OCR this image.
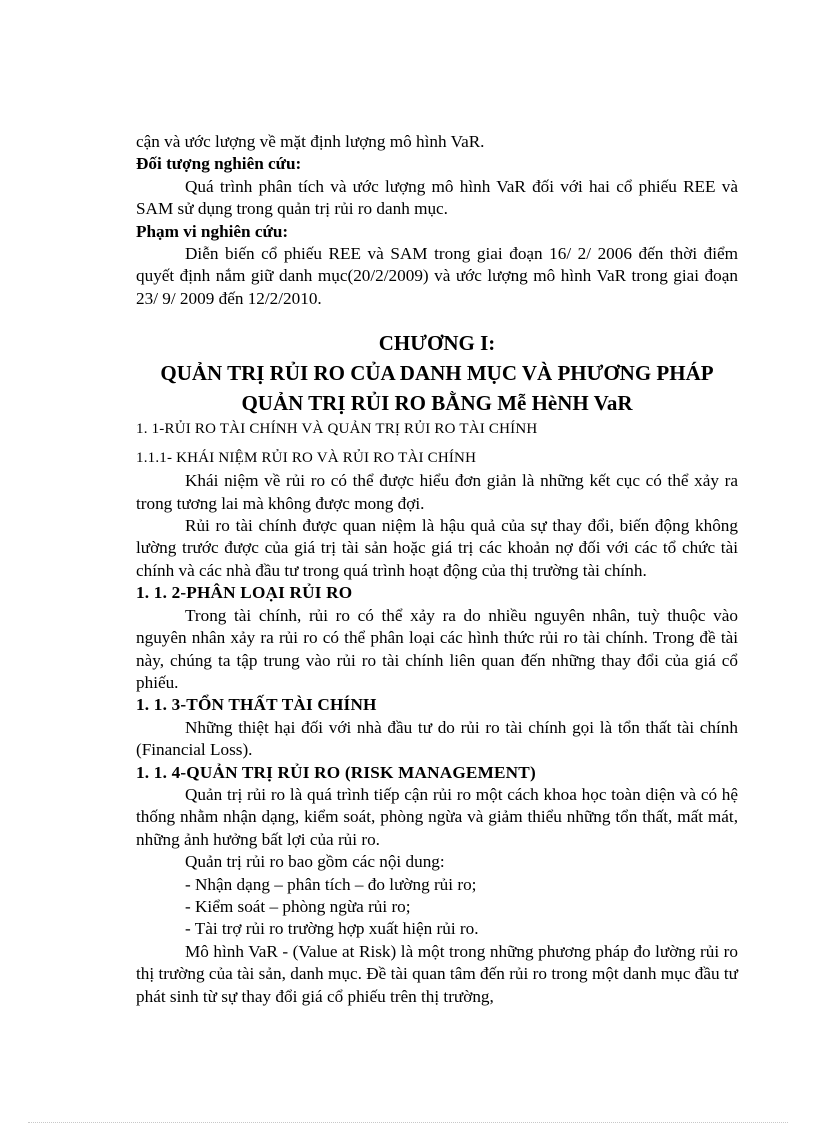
cận và ước lượng về mặt định lượng mô hình VaR.

Đối tượng nghiên cứu:

Quá trình phân tích và ước lượng mô hình VaR đối với hai cổ phiếu REE và SAM sử dụng trong quản trị rủi ro danh mục.

Phạm vi nghiên cứu:

Diễn biến cổ phiếu REE và SAM trong giai đoạn 16/ 2/ 2006 đến thời điểm quyết định nắm giữ danh mục(20/2/2009) và ước lượng mô hình VaR trong giai đoạn 23/ 9/ 2009 đến 12/2/2010.

CHƯƠNG I:

QUẢN TRỊ RỦI RO CỦA DANH MỤC VÀ PHƯƠNG PHÁP

QUẢN TRỊ RỦI RO BẰNG Mễ HèNH VaR

1. 1-RỦI RO TÀI CHÍNH VÀ QUẢN TRỊ RỦI RO TÀI CHÍNH

1.1.1- KHÁI NIỆM RỦI RO VÀ RỦI RO TÀI CHÍNH

Khái niệm về rủi ro có thể được hiểu đơn giản là những kết cục có thể xảy ra trong tương lai mà không được mong đợi.

Rủi ro tài chính được quan niệm là hậu quả của sự thay đổi, biến động không lường trước được của giá trị tài sản hoặc giá trị các khoản nợ đối với các tổ chức tài chính và các nhà đầu tư trong quá trình hoạt động của thị trường tài chính.

1. 1. 2-PHÂN LOẠI RỦI RO

Trong tài chính, rủi ro có thể xảy ra do nhiều nguyên nhân, tuỳ thuộc vào nguyên nhân xảy ra rủi ro có thể phân loại các hình thức rủi ro tài chính. Trong đề tài này, chúng ta tập trung vào rủi ro tài chính liên quan đến những thay đổi của giá cổ phiếu.

1. 1. 3-TỔN THẤT TÀI CHÍNH

Những thiệt hại đối với nhà đầu tư do rủi ro tài chính gọi là tổn thất tài chính (Financial Loss).

1. 1. 4-QUẢN TRỊ RỦI RO (RISK MANAGEMENT)

Quản trị rủi ro là quá trình tiếp cận rủi ro một cách khoa học toàn diện và có hệ thống nhằm nhận dạng, kiểm soát, phòng ngừa và giảm thiểu những tổn thất, mất mát, những ảnh hưởng bất lợi của rủi ro.

Quản trị rủi ro bao gồm các nội dung:

- Nhận dạng – phân tích – đo lường rủi ro;

- Kiểm soát – phòng ngừa rủi ro;

- Tài trợ rủi ro trường hợp xuất hiện rủi ro.

Mô hình VaR - (Value at Risk) là một trong những phương pháp đo lường rủi ro thị trường của tài sản, danh mục. Đề tài quan tâm đến rủi ro trong một danh mục đầu tư phát sinh từ sự thay đổi giá cổ phiếu trên thị trường,
